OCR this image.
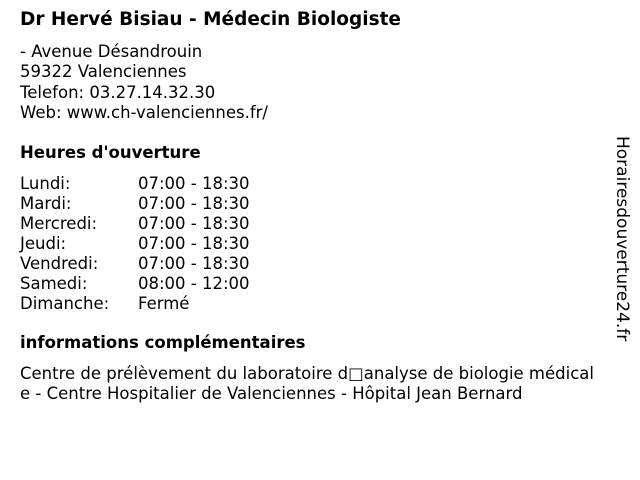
Dr Hervé Bisiau - Médecin Biologiste
- Avenue Désandrouin
59322 Valenciennes
Telefon: 03.27.14.32.30
Web: www.ch-valenciennes.fr/
Heures d'ouverture
Lundi:	07:00 - 18:30
Mardi:	07:00 - 18:30
Mercredi: 07:00 - 18:30
Jeudi:	07:00 - 18:30
Vendredi: 07:00 - 18:30
Samedi:	08:00 - 12:00
Dimanche: Fermé
informations complémentaires
Centre de prélèvement du laboratoire d□analyse de biologie médical
e - Centre Hospitalier de Valenciennes - Hôpital Jean Bernard
Horairesdouverture24.fr
